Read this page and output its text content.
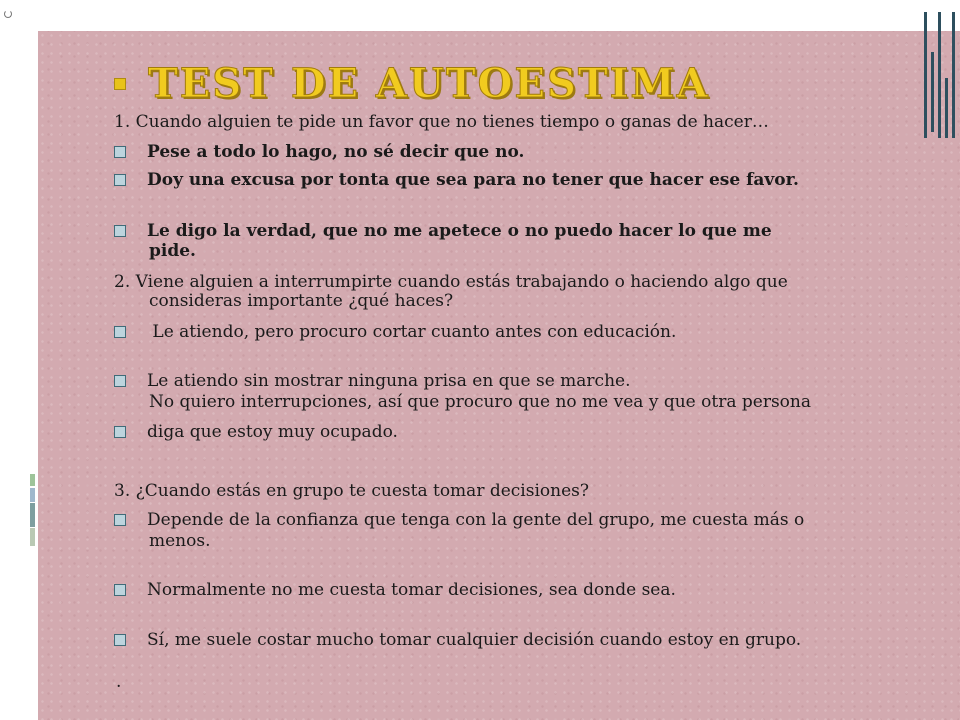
TEST DE AUTOESTIMA
1. Cuando alguien te pide un favor que no tienes tiempo o ganas de hacer…
Pese a todo lo hago, no sé decir que no.
Doy una excusa por tonta que sea para no tener que hacer ese favor.
Le digo la verdad, que no me apetece o no puedo hacer lo que me
pide.
2. Viene alguien a interrumpirte cuando estás trabajando o haciendo algo que
consideras importante ¿qué haces?
Le atiendo, pero procuro cortar cuanto antes con educación.
Le atiendo sin mostrar ninguna prisa en que se marche.
No quiero interrupciones, así que procuro que no me vea y que otra persona
diga que estoy muy ocupado.
3. ¿Cuando estás en grupo te cuesta tomar decisiones?
Depende de la confianza que tenga con la gente del grupo, me cuesta más o
menos.
Normalmente no me cuesta tomar decisiones, sea donde sea.
Sí, me suele costar mucho tomar cualquier decisión cuando estoy en grupo.
.
